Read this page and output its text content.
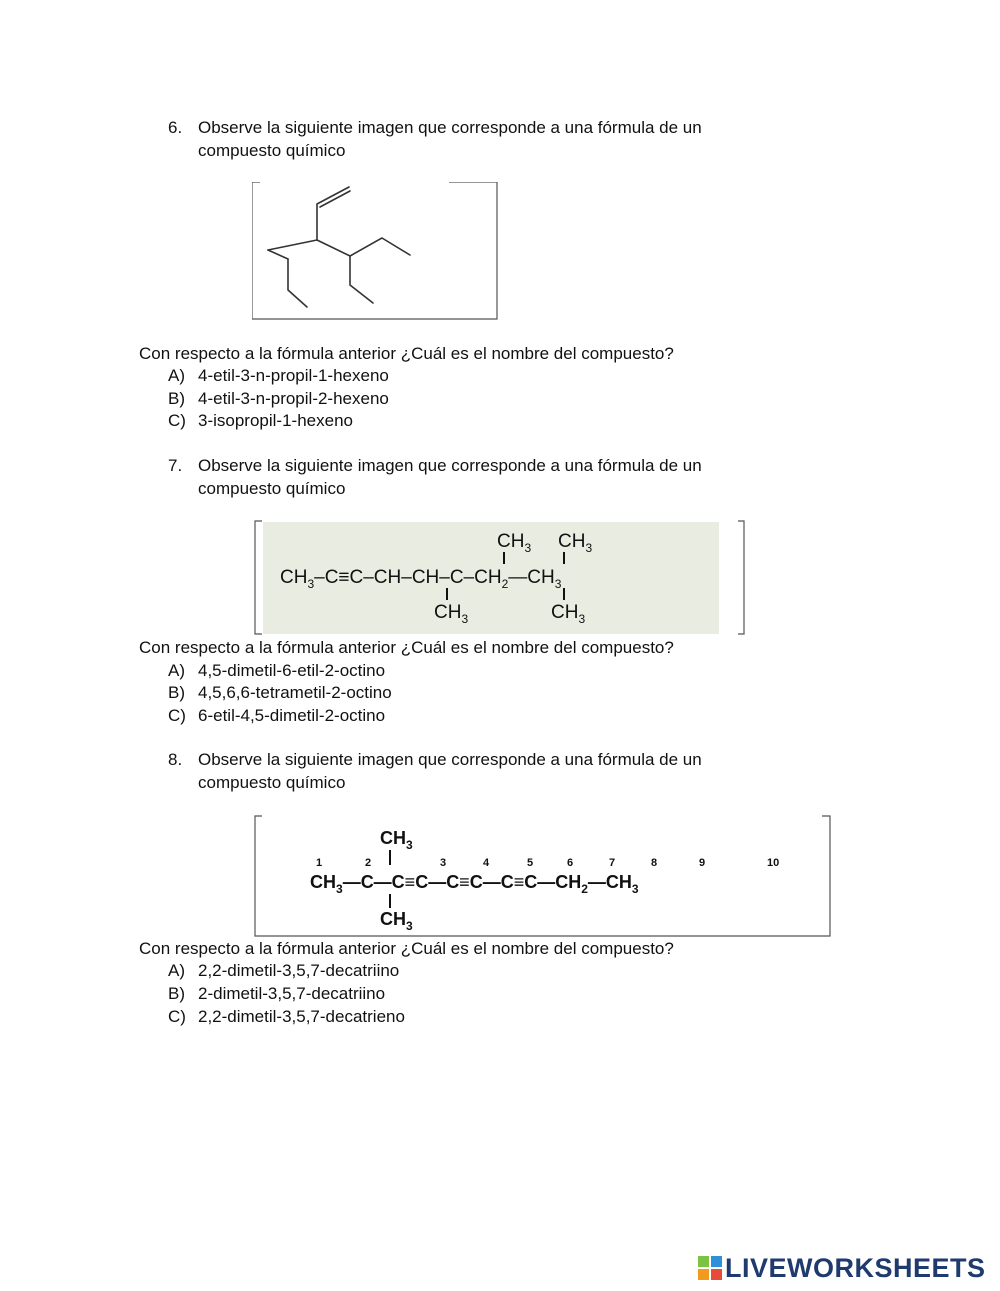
6. Observe la siguiente imagen que corresponde a una fórmula de un
compuesto químico
Con respecto a la fórmula anterior ¿Cuál es el nombre del compuesto?
A) 4-etil-3-n-propil-1-hexeno
B) 4-etil-3-n-propil-2-hexeno
C) 3-isopropil-1-hexeno
7. Observe la siguiente imagen que corresponde a una fórmula de un
compuesto químico
$CH_3$ $CH_3$
$CH_3-C\equiv C-CH-CH-C-CH_2—CH_3$
$CH_3$	$CH_3$
Con respecto a la fórmula anterior ¿Cuál es el nombre del compuesto?
A) 4,5-dimetil-6-etil-2-octino
B) 4,5,6,6-tetrametil-2-octino
C) 6-etil-4,5-dimetil-2-octino
8. Observe la siguiente imagen que corresponde a una fórmula de un
compuesto químico
$CH_3$
1	2	3	4	5	6	7	8	9	10
$CH_3—C—C\equiv C—C\equiv C—C\equiv C—CH_2—CH_3$
$CH_3$
Con respecto a la fórmula anterior ¿Cuál es el nombre del compuesto?
A) 2,2-dimetil-3,5,7-decatriino
B) 2-dimetil-3,5,7-decatriino
C) 2,2-dimetil-3,5,7-decatrieno
LIVEWORKSHEETS
